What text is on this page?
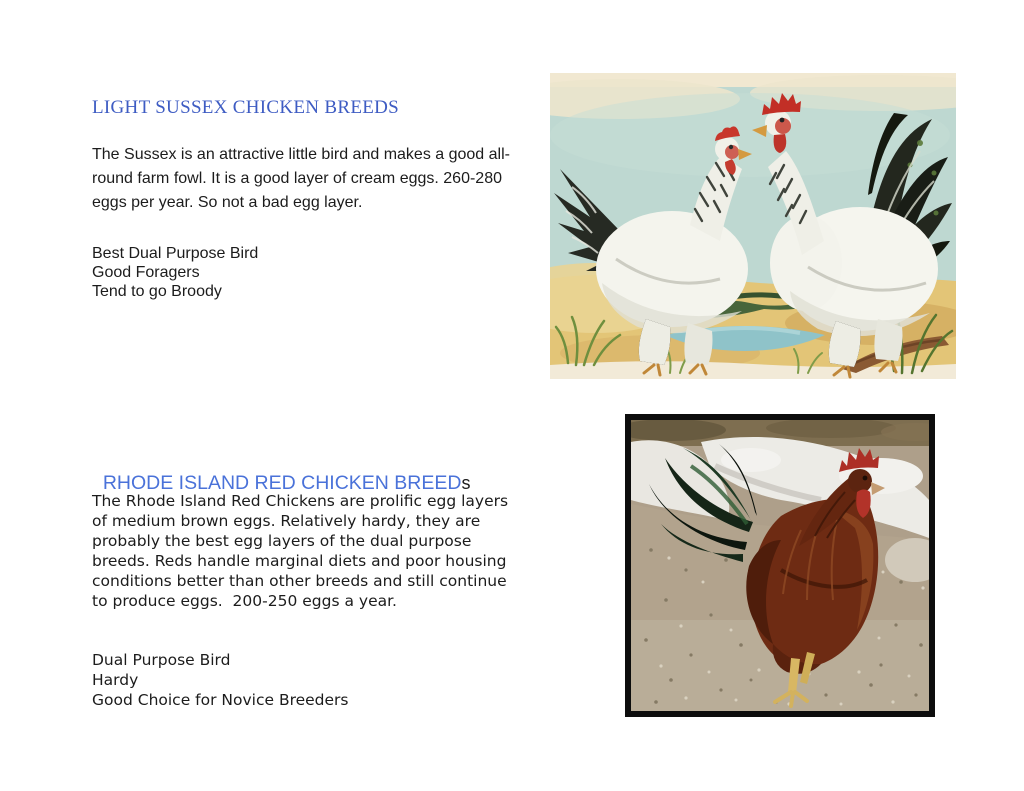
LIGHT SUSSEX CHICKEN BREEDS
The Sussex is an attractive little bird and makes a good all-
round farm fowl. It is a good layer of cream eggs. 260-280
eggs per year. So not a bad egg layer.
Best Dual Purpose Bird
Good Foragers
Tend to go Broody

RHODE ISLAND RED CHICKEN BREEDs

The Rhode Island Red Chickens are prolific egg layers
of medium brown eggs. Relatively hardy, they are
probably the best egg layers of the dual purpose
breeds. Reds handle marginal diets and poor housing
conditions better than other breeds and still continue
to produce eggs.  200-250 eggs a year.
Dual Purpose Bird
Hardy
Good Choice for Novice Breeders
